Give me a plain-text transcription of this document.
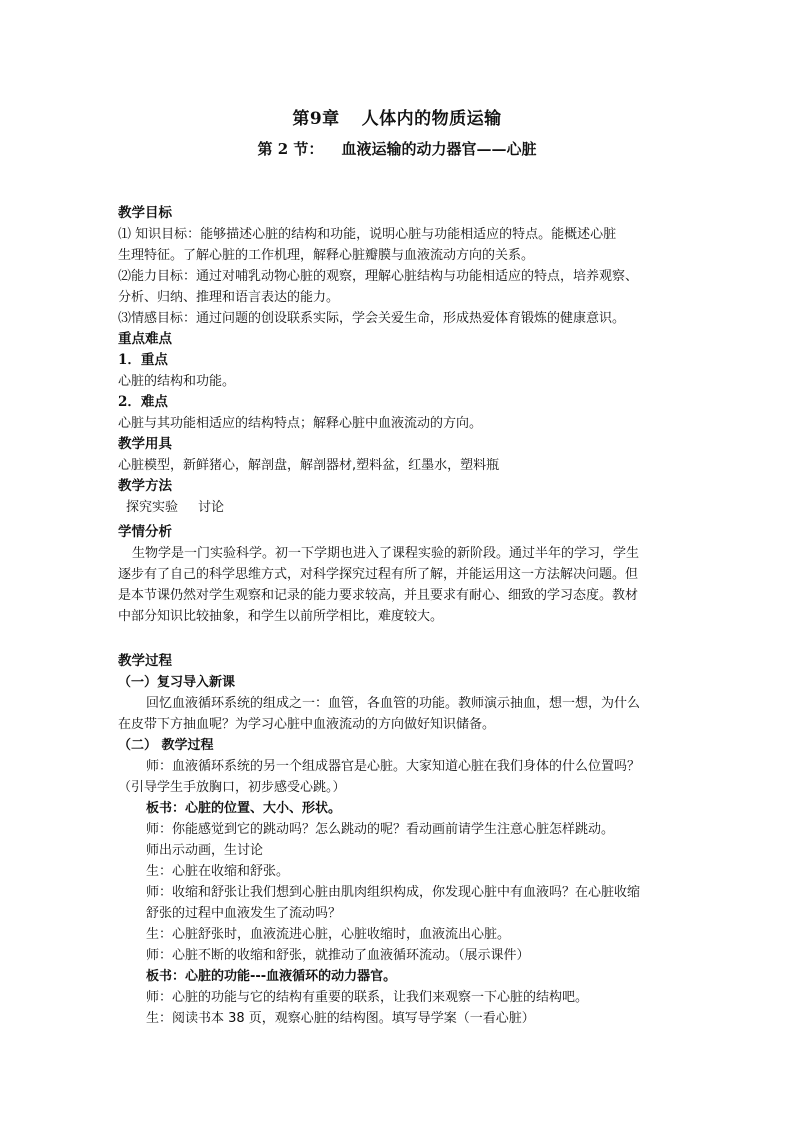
第9章 人体内的物质运输
第 2 节： 血液运输的动力器官——心脏

教学目标

⑴ 知识目标：能够描述心脏的结构和功能，说明心脏与功能相适应的特点。能概述心脏

生理特征。了解心脏的工作机理，解释心脏瓣膜与血液流动方向的关系。

⑵能力目标：通过对哺乳动物心脏的观察，理解心脏结构与功能相适应的特点，培养观察、

分析、归纳、推理和语言表达的能力。

⑶情感目标：通过问题的创设联系实际，学会关爱生命，形成热爱体育锻炼的健康意识。

重点难点

1．重点

心脏的结构和功能。

2．难点

心脏与其功能相适应的结构特点；解释心脏中血液流动的方向。

教学用具

心脏模型，新鲜猪心，解剖盘，解剖器材,塑料盆，红墨水，塑料瓶

教学方法

探究实验 讨论

学情分析

生物学是一门实验科学。初一下学期也进入了课程实验的新阶段。通过半年的学习，学生

逐步有了自己的科学思维方式，对科学探究过程有所了解，并能运用这一方法解决问题。但

是本节课仍然对学生观察和记录的能力要求较高，并且要求有耐心、细致的学习态度。教材

中部分知识比较抽象，和学生以前所学相比，难度较大。

教学过程

（一）复习导入新课

回忆血液循环系统的组成之一：血管，各血管的功能。教师演示抽血，想一想，为什么

在皮带下方抽血呢？为学习心脏中血液流动的方向做好知识储备。

（二） 教学过程

师：血液循环系统的另一个组成器官是心脏。大家知道心脏在我们身体的什么位置吗？

（引导学生手放胸口，初步感受心跳。）

板书：心脏的位置、大小、形状。

师：你能感觉到它的跳动吗？怎么跳动的呢？看动画前请学生注意心脏怎样跳动。

师出示动画，生讨论

生：心脏在收缩和舒张。

师：收缩和舒张让我们想到心脏由肌肉组织构成，你发现心脏中有血液吗？在心脏收缩

舒张的过程中血液发生了流动吗？

生：心脏舒张时，血液流进心脏，心脏收缩时，血液流出心脏。

师：心脏不断的收缩和舒张，就推动了血液循环流动。（展示课件）

板书：心脏的功能---血液循环的动力器官。

师：心脏的功能与它的结构有重要的联系，让我们来观察一下心脏的结构吧。

生：阅读书本 38 页，观察心脏的结构图。填写导学案（一看心脏）
